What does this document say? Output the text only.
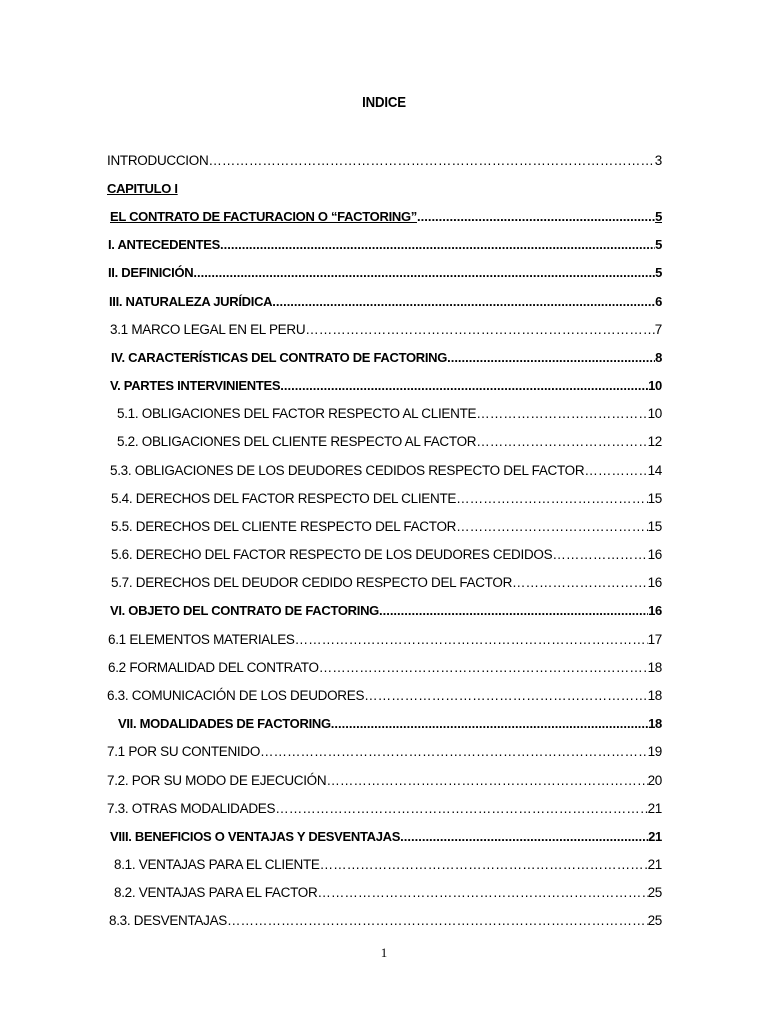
INDICE
INTRODUCCION ………………………………………………………………………………………………………………………………………………………………………………………………………………………………………………	3
CAPITULO I
EL CONTRATO DE FACTURACION O “FACTORING” .....	5
I. ANTECEDENTES .....	5
II. DEFINICIÓN .....	5
III. NATURALEZA JURÍDICA .....	6
3.1 MARCO LEGAL EN EL PERU ………………………………………………………………………………………………………………………………………………………………………………………………………………………………………………	7
IV. CARACTERÍSTICAS DEL CONTRATO DE FACTORING .....	8
V. PARTES INTERVINIENTES .....	10
5.1. OBLIGACIONES DEL FACTOR RESPECTO AL CLIENTE ………………………………………………………………………………………………………………………………………………………………………………………………………………………………………………	10
5.2. OBLIGACIONES DEL CLIENTE RESPECTO AL FACTOR ………………………………………………………………………………………………………………………………………………………………………………………………………………………………………………	12
5.3. OBLIGACIONES DE LOS DEUDORES CEDIDOS RESPECTO DEL FACTOR ………………………………………………………………………………………………………………………………………………………………………………………………………………………………………………	14
5.4. DERECHOS DEL FACTOR RESPECTO DEL CLIENTE ………………………………………………………………………………………………………………………………………………………………………………………………………………………………………………	15
5.5. DERECHOS DEL CLIENTE RESPECTO DEL FACTOR ………………………………………………………………………………………………………………………………………………………………………………………………………………………………………………	15
5.6. DERECHO DEL FACTOR RESPECTO DE LOS DEUDORES CEDIDOS ………………………………………………………………………………………………………………………………………………………………………………………………………………………………………………	16
5.7. DERECHOS DEL DEUDOR CEDIDO RESPECTO DEL FACTOR ………………………………………………………………………………………………………………………………………………………………………………………………………………………………………………	16
VI. OBJETO DEL CONTRATO DE FACTORING .....	16
6.1 ELEMENTOS MATERIALES ………………………………………………………………………………………………………………………………………………………………………………………………………………………………………………	17
6.2 FORMALIDAD DEL CONTRATO ………………………………………………………………………………………………………………………………………………………………………………………………………………………………………………	18
6.3. COMUNICACIÓN DE LOS DEUDORES ………………………………………………………………………………………………………………………………………………………………………………………………………………………………………………	18
VII. MODALIDADES DE FACTORING .....	18
7.1 POR SU CONTENIDO ………………………………………………………………………………………………………………………………………………………………………………………………………………………………………………	19
7.2. POR SU MODO DE EJECUCIÓN ………………………………………………………………………………………………………………………………………………………………………………………………………………………………………………	20
7.3. OTRAS MODALIDADES ………………………………………………………………………………………………………………………………………………………………………………………………………………………………………………	21
VIII. BENEFICIOS O VENTAJAS Y DESVENTAJAS .....	21
8.1. VENTAJAS PARA EL CLIENTE ………………………………………………………………………………………………………………………………………………………………………………………………………………………………………………	21
8.2. VENTAJAS PARA EL FACTOR ………………………………………………………………………………………………………………………………………………………………………………………………………………………………………………	25
8.3. DESVENTAJAS ………………………………………………………………………………………………………………………………………………………………………………………………………………………………………………	25
1
